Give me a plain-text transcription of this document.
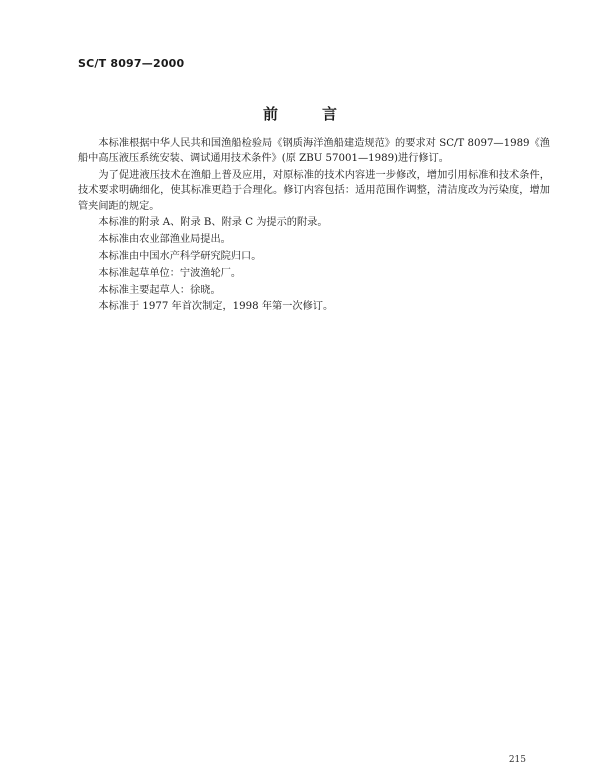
SC/T 8097—2000
前	言

本标准根据中华人民共和国渔船检验局《钢质海洋渔船建造规范》的要求对 SC/T 8097—1989《渔船中高压液压系统安装、调试通用技术条件》(原 ZBU 57001—1989)进行修订。

为了促进液压技术在渔船上普及应用，对原标准的技术内容进一步修改，增加引用标准和技术条件，技术要求明确细化，使其标准更趋于合理化。修订内容包括：适用范围作调整，清洁度改为污染度，增加管夹间距的规定。

本标准的附录 A、附录 B、附录 C 为提示的附录。

本标准由农业部渔业局提出。

本标准由中国水产科学研究院归口。

本标准起草单位：宁波渔轮厂。

本标准主要起草人：徐晓。

本标准于 1977 年首次制定，1998 年第一次修订。

215
